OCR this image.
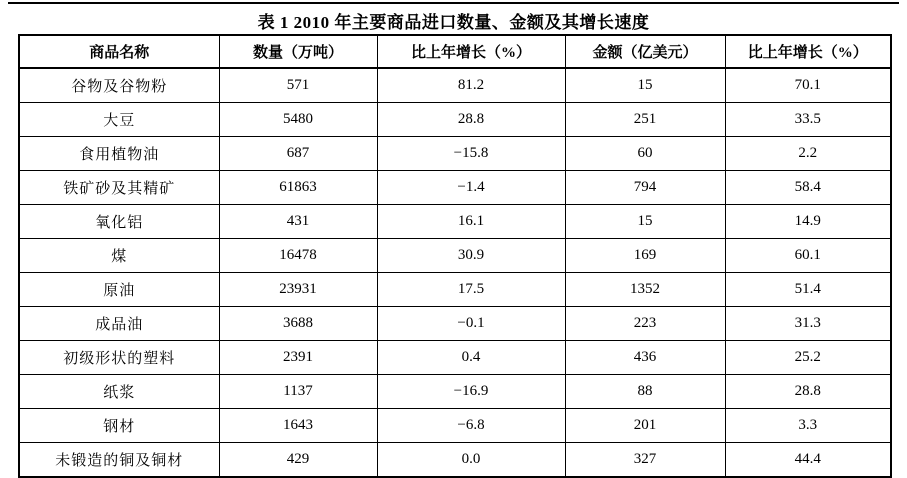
表 1 2010 年主要商品进口数量、金额及其增长速度
商品名称	数量（万吨）	比上年增长（%）	金额（亿美元）	比上年增长（%）
谷物及谷物粉	571	81.2	15	70.1
大豆	5480	28.8	251	33.5
食用植物油	687	−15.8	60	2.2
铁矿砂及其精矿	61863	−1.4	794	58.4
氧化铝	431	16.1	15	14.9
煤	16478	30.9	169	60.1
原油	23931	17.5	1352	51.4
成品油	3688	−0.1	223	31.3
初级形状的塑料	2391	0.4	436	25.2
纸浆	1137	−16.9	88	28.8
钢材	1643	−6.8	201	3.3
未锻造的铜及铜材	429	0.0	327	44.4
